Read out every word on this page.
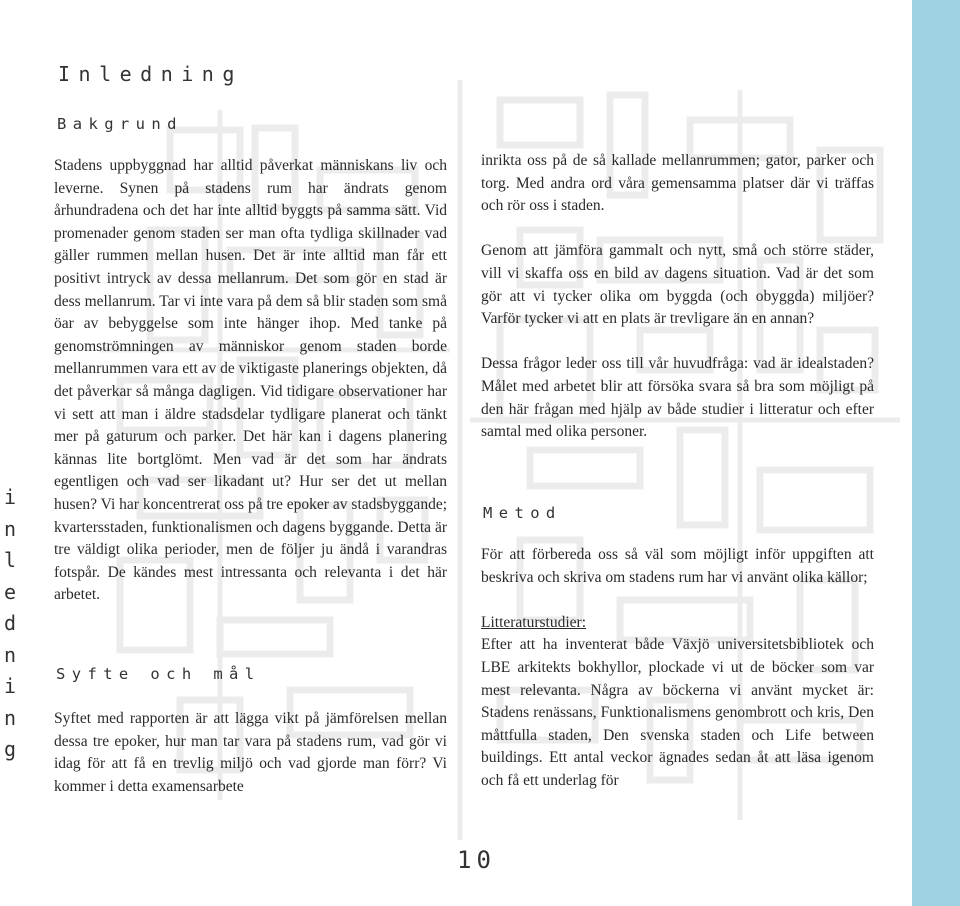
Inledning
Bakgrund

Stadens uppbyggnad har alltid påverkat människans liv och leverne. Synen på stadens rum har ändrats genom århundradena och det har inte alltid byggts på samma sätt. Vid promenader genom staden ser man ofta tydliga skillnader vad gäller rummen mellan husen. Det är inte alltid man får ett positivt intryck av dessa mellanrum. Det som gör en stad är dess mellanrum. Tar vi inte vara på dem så blir staden som små öar av bebyggelse som inte hänger ihop. Med tanke på genomströmningen av människor genom staden borde mellanrummen vara ett av de viktigaste planerings objekten, då det påverkar så många dagligen. Vid tidigare observationer har vi sett att man i äldre stadsdelar tydligare planerat och tänkt mer på gaturum och parker. Det här kan i dagens planering kännas lite bortglömt. Men vad är det som har ändrats egentligen och vad ser likadant ut? Hur ser det ut mellan husen? Vi har koncentrerat oss på tre epoker av stadsbyggande; kvartersstaden, funktionalismen och dagens byggande. Detta är tre väldigt olika perioder, men de följer ju ändå i varandras fotspår. De kändes mest intressanta och relevanta i det här arbetet.

Syfte och mål

Syftet med rapporten är att lägga vikt på jämförelsen mellan dessa tre epoker, hur man tar vara på stadens rum, vad gör vi idag för att få en trevlig miljö och vad gjorde man förr? Vi kommer i detta examensarbete

inrikta oss på de så kallade mellanrummen; gator, parker och torg. Med andra ord våra gemensamma platser där vi träffas och rör oss i staden.

Genom att jämföra gammalt och nytt, små och större städer, vill vi skaffa oss en bild av dagens situation. Vad är det som gör att vi tycker olika om byggda (och obyggda) miljöer? Varför tycker vi att en plats är trevligare än en annan?

Dessa frågor leder oss till vår huvudfråga: vad är idealstaden? Målet med arbetet blir att försöka svara så bra som möjligt på den här frågan med hjälp av både studier i litteratur och efter samtal med olika personer.

Metod

För att förbereda oss så väl som möjligt inför uppgiften att beskriva och skriva om stadens rum har vi använt olika källor;

Litteraturstudier:

Efter att ha inventerat både Växjö universitetsbibliotek och LBE arkitekts bokhyllor, plockade vi ut de böcker som var mest relevanta. Några av böckerna vi använt mycket är: Stadens renässans, Funktionalismens genombrott och kris, Den måttfulla staden, Den svenska staden och Life between buildings. Ett antal veckor ägnades sedan åt att läsa igenom och få ett underlag för

i
n
l
e
d
n
i
n
g
10
